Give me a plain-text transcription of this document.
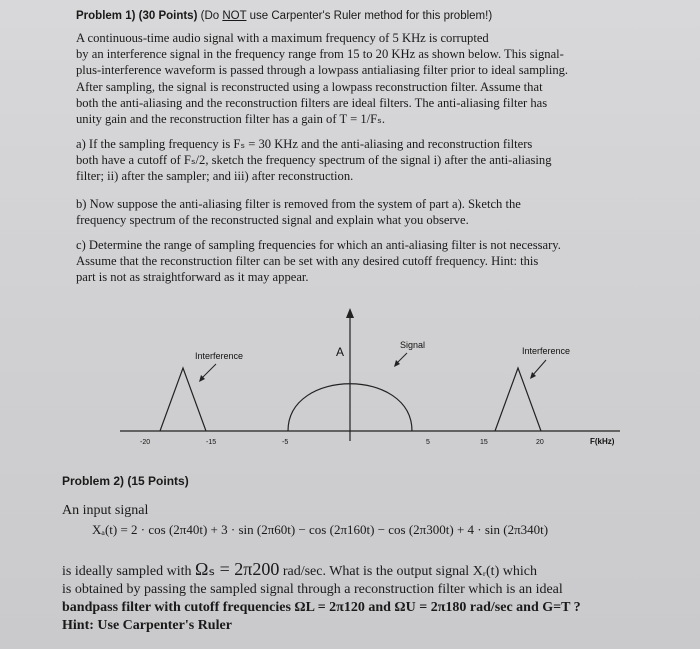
Problem 1) (30 Points) (Do NOT use Carpenter's Ruler method for this problem!)

A continuous-time audio signal with a maximum frequency of 5 KHz is corrupted

by an interference signal in the frequency range from 15 to 20 KHz as shown below. This signal-

plus-interference waveform is passed through a lowpass antialiasing filter prior to ideal sampling.

After sampling, the signal is reconstructed using a lowpass reconstruction filter. Assume that

both the anti-aliasing and the reconstruction filters are ideal filters. The anti-aliasing filter has

unity gain and the reconstruction filter has a gain of T = 1/Fₛ.

a) If the sampling frequency is Fₛ = 30 KHz and the anti-aliasing and reconstruction filters

both have a cutoff of Fₛ/2, sketch the frequency spectrum of the signal i) after the anti-aliasing

filter; ii) after the sampler; and iii) after reconstruction.

b) Now suppose the anti-aliasing filter is removed from the system of part a). Sketch the

frequency spectrum of the reconstructed signal and explain what you observe.

c) Determine the range of sampling frequencies for which an anti-aliasing filter is not necessary.

Assume that the reconstruction filter can be set with any desired cutoff frequency. Hint: this

part is not as straightforward as it may appear.

Interference	A	Signal
Interference
-20	-15	-5	5	15	20	F(kHz)
Problem 2) (15 Points)
An input signal
Xₐ(t) = 2 · cos (2π40t) + 3 · sin (2π60t) − cos (2π160t) − cos (2π300t) + 4 · sin (2π340t)
is ideally sampled with Ωₛ = 2π200 rad/sec. What is the output signal Xᵣ(t) which
is obtained by passing the sampled signal through a reconstruction filter which is an ideal
bandpass filter with cutoff frequencies ΩL = 2π120 and ΩU = 2π180 rad/sec and G=T ?
Hint: Use Carpenter's Ruler
